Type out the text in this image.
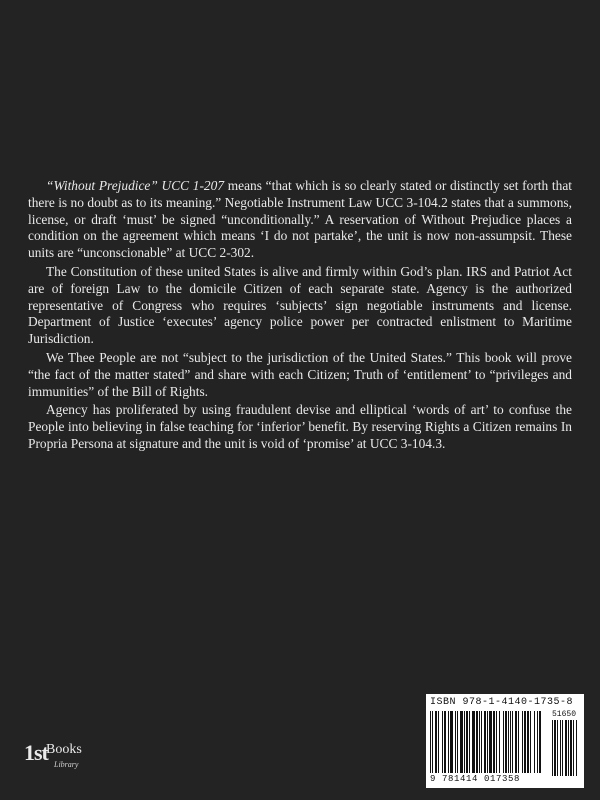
“Without Prejudice” UCC 1-207 means “that which is so clearly stated or distinctly set forth that there is no doubt as to its meaning.” Negotiable Instrument Law UCC 3-104.2 states that a summons, license, or draft ‘must’ be signed “unconditionally.” A reservation of Without Prejudice places a condition on the agreement which means ‘I do not partake’, the unit is now non-assumpsit. These units are “unconscionable” at UCC 2-302.

The Constitution of these united States is alive and firmly within God’s plan. IRS and Patriot Act are of foreign Law to the domicile Citizen of each separate state. Agency is the authorized representative of Congress who requires ‘subjects’ sign negotiable instruments and license. Department of Justice ‘executes’ agency police power per contracted enlistment to Maritime Jurisdiction.

We Thee People are not “subject to the jurisdiction of the United States.” This book will prove “the fact of the matter stated” and share with each Citizen; Truth of ‘entitlement’ to “privileges and immunities” of the Bill of Rights.

Agency has proliferated by using fraudulent devise and elliptical ‘words of art’ to confuse the People into believing in false teaching for ‘inferior’ benefit. By reserving Rights a Citizen remains In Propria Persona at signature and the unit is void of ‘promise’ at UCC 3-104.3.

1st
Books
Library
ISBN 978-1-4140-1735-8
51650
9 781414 017358
